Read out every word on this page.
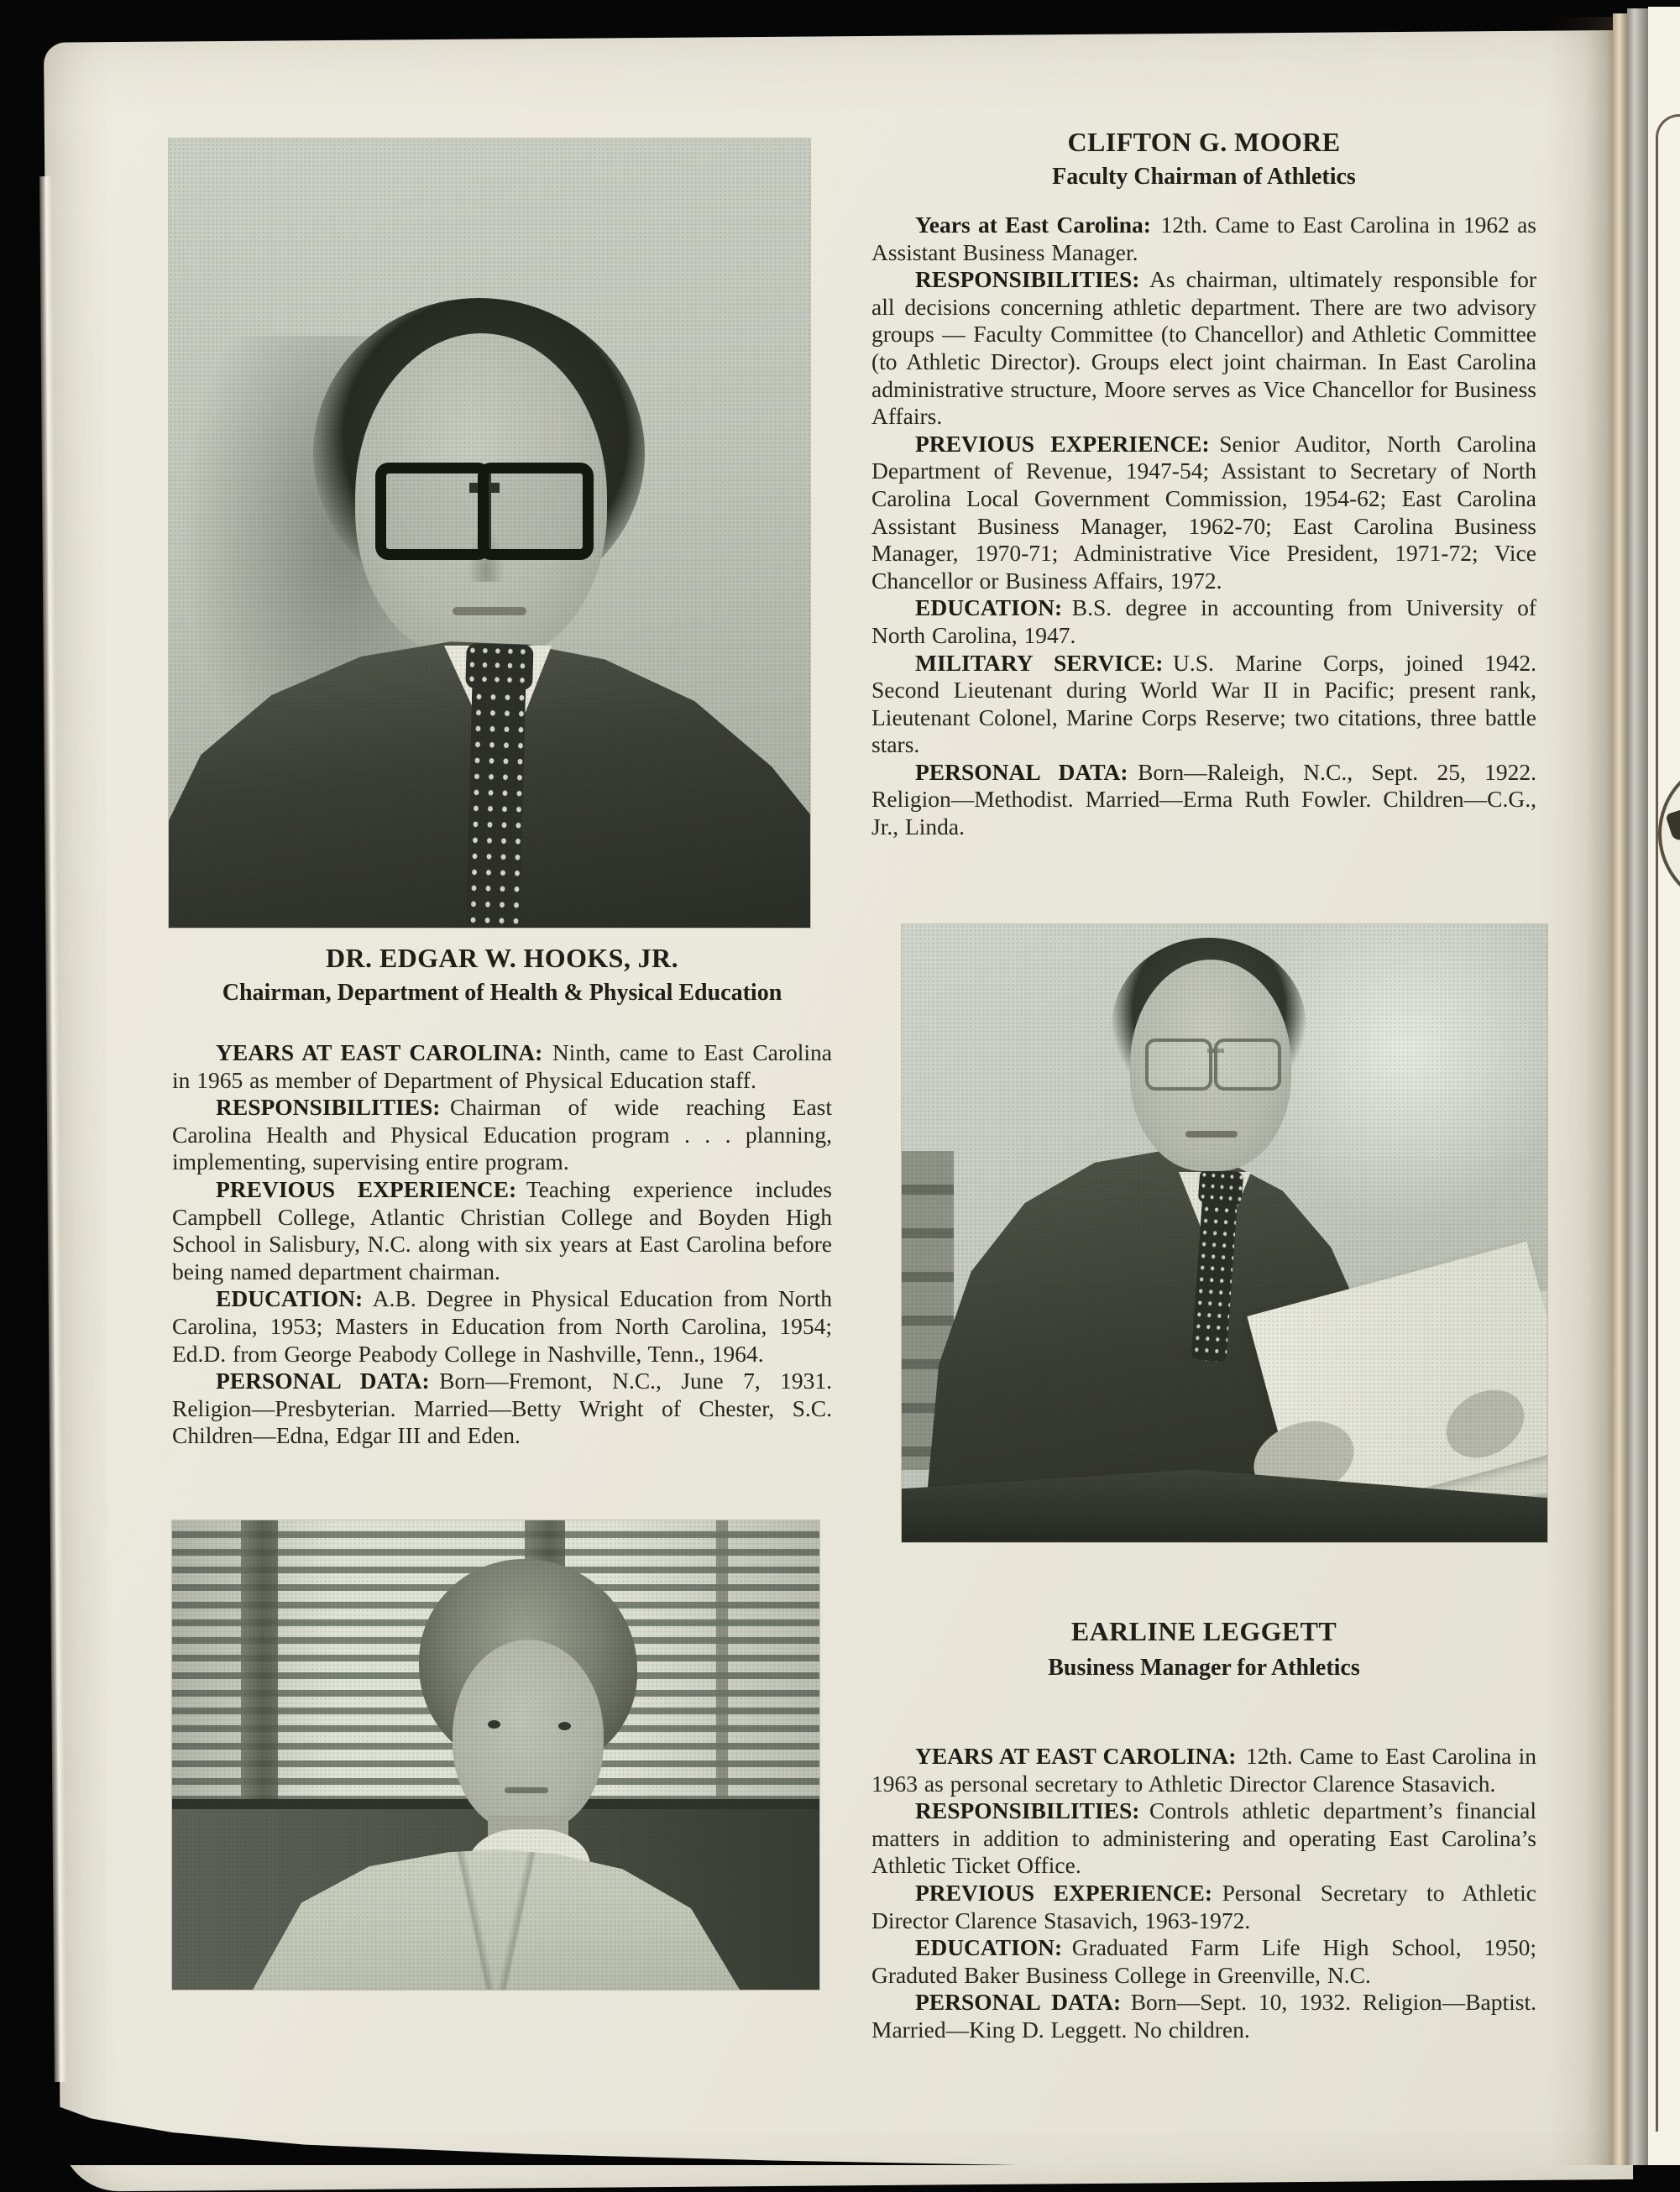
DR. EDGAR W. HOOKS, JR.
Chairman, Department of Health & Physical Education

YEARS AT EAST CAROLINA: Ninth, came to East Carolina in 1965 as member of Department of Physical Education staff.

RESPONSIBILITIES: Chairman of wide reaching East Carolina Health and Physical Education program . . . planning, implementing, supervising entire program.

PREVIOUS EXPERIENCE: Teaching experience includes Campbell College, Atlantic Christian College and Boyden High School in Salisbury, N.C. along with six years at East Carolina before being named department chairman.

EDUCATION: A.B. Degree in Physical Education from North Carolina, 1953; Masters in Education from North Carolina, 1954; Ed.D. from George Peabody College in Nashville, Tenn., 1964.

PERSONAL DATA: Born—Fremont, N.C., June 7, 1931. Religion—Presbyterian. Married—Betty Wright of Chester, S.C. Children—Edna, Edgar III and Eden.

CLIFTON G. MOORE
Faculty Chairman of Athletics

Years at East Carolina: 12th. Came to East Carolina in 1962 as Assistant Business Manager.

RESPONSIBILITIES: As chairman, ultimately responsible for all decisions concerning athletic department. There are two advisory groups — Faculty Committee (to Chancellor) and Athletic Committee (to Athletic Director). Groups elect joint chairman. In East Carolina administrative structure, Moore serves as Vice Chancellor for Business Affairs.

PREVIOUS EXPERIENCE: Senior Auditor, North Carolina Department of Revenue, 1947-54; Assistant to Secretary of North Carolina Local Government Commission, 1954-62; East Carolina Assistant Business Manager, 1962-70; East Carolina Business Manager, 1970-71; Administrative Vice President, 1971-72; Vice Chancellor or Business Affairs, 1972.

EDUCATION: B.S. degree in accounting from University of North Carolina, 1947.

MILITARY SERVICE: U.S. Marine Corps, joined 1942. Second Lieutenant during World War II in Pacific; present rank, Lieutenant Colonel, Marine Corps Reserve; two citations, three battle stars.

PERSONAL DATA: Born—Raleigh, N.C., Sept. 25, 1922. Religion—Methodist. Married—Erma Ruth Fowler. Children—C.G., Jr., Linda.

EARLINE LEGGETT
Business Manager for Athletics

YEARS AT EAST CAROLINA: 12th. Came to East Carolina in 1963 as personal secretary to Athletic Director Clarence Stasavich.

RESPONSIBILITIES: Controls athletic department’s financial matters in addition to administering and operating East Carolina’s Athletic Ticket Office.

PREVIOUS EXPERIENCE: Personal Secretary to Athletic Director Clarence Stasavich, 1963-1972.

EDUCATION: Graduated Farm Life High School, 1950; Graduted Baker Business College in Greenville, N.C.

PERSONAL DATA: Born—Sept. 10, 1932. Religion—Baptist. Married—King D. Leggett. No children.
